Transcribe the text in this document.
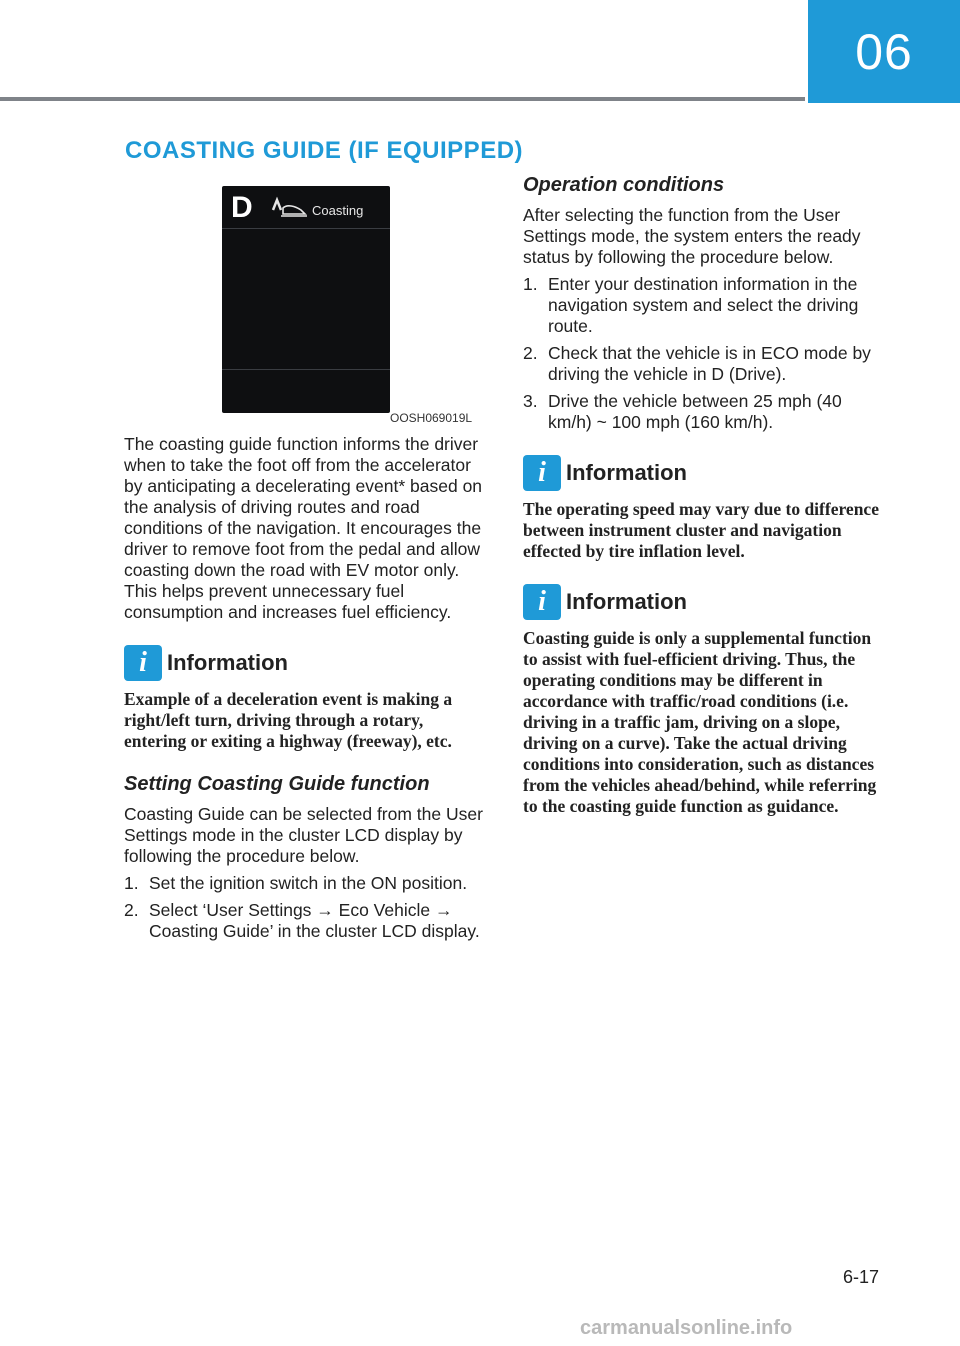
06
COASTING GUIDE (IF EQUIPPED)
D	Coasting
OOSH069019L

The coasting guide function informs the driver when to take the foot off from the accelerator by anticipating a decelerating event* based on the analysis of driving routes and road conditions of the navigation. It encourages the driver to remove foot from the pedal and allow coasting down the road with EV motor only. This helps prevent unnecessary fuel consumption and increases fuel efficiency.

i Information

Example of a deceleration event is making a right/left turn, driving through a rotary, entering or exiting a highway (freeway), etc.

Setting Coasting Guide function

Coasting Guide can be selected from the User Settings mode in the cluster LCD display by following the procedure below.

1. Set the ignition switch in the ON position.
2. Select ‘User Settings → Eco Vehicle → Coasting Guide’ in the cluster LCD display.
Operation conditions

After selecting the function from the User Settings mode, the system enters the ready status by following the procedure below.

1. Enter your destination information in the navigation system and select the driving route.
2. Check that the vehicle is in ECO mode by driving the vehicle in D (Drive).
3. Drive the vehicle between 25 mph (40 km/h) ~ 100 mph (160 km/h).
i Information

The operating speed may vary due to difference between instrument cluster and navigation effected by tire inflation level.

i Information

Coasting guide is only a supplemental function to assist with fuel-efficient driving. Thus, the operating conditions may be different in accordance with traffic/road conditions (i.e. driving in a traffic jam, driving on a slope, driving on a curve). Take the actual driving conditions into consideration, such as distances from the vehicles ahead/behind, while referring to the coasting guide function as guidance.

6-17
carmanualsonline.info
